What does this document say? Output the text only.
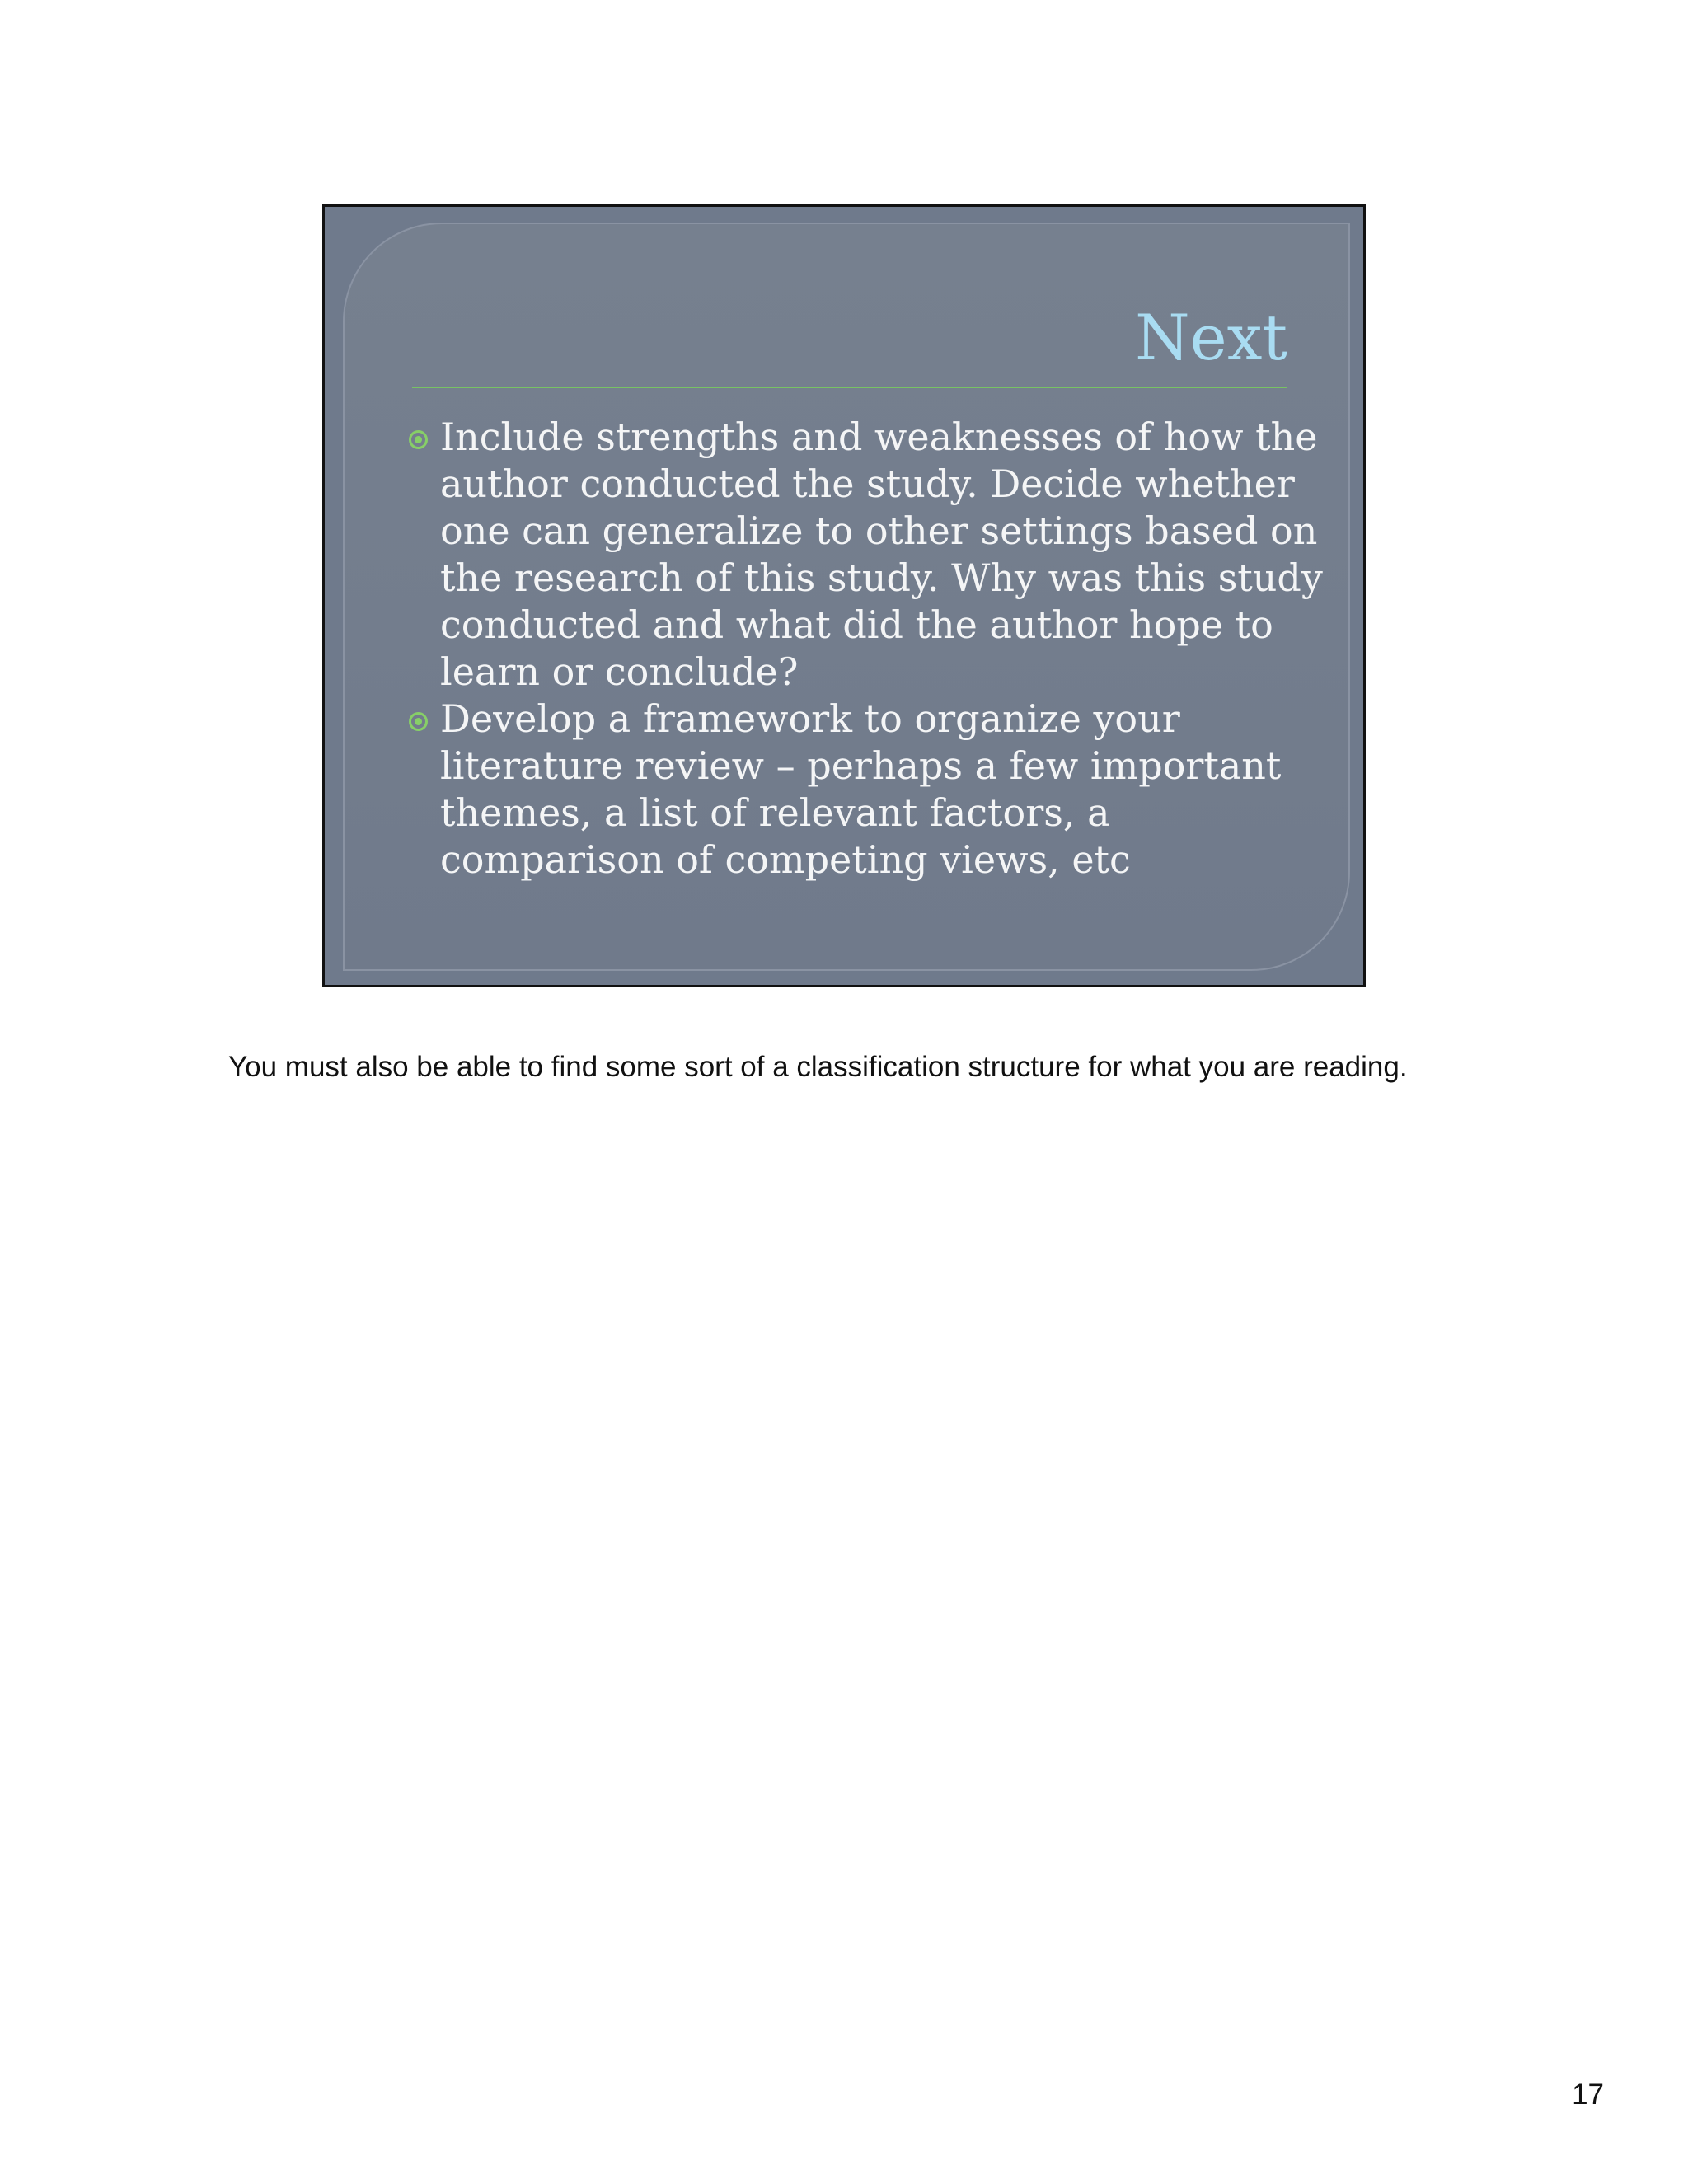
Next
Include strengths and weaknesses of how the author conducted the study. Decide whether one can generalize to other settings based on the research of this study. Why was this study conducted and what did the author hope to learn or conclude?
Develop a framework to organize your literature review – perhaps a few important themes, a list of relevant factors, a comparison of competing views, etc

You must also be able to find some sort of a classification structure for what you are reading.

17
